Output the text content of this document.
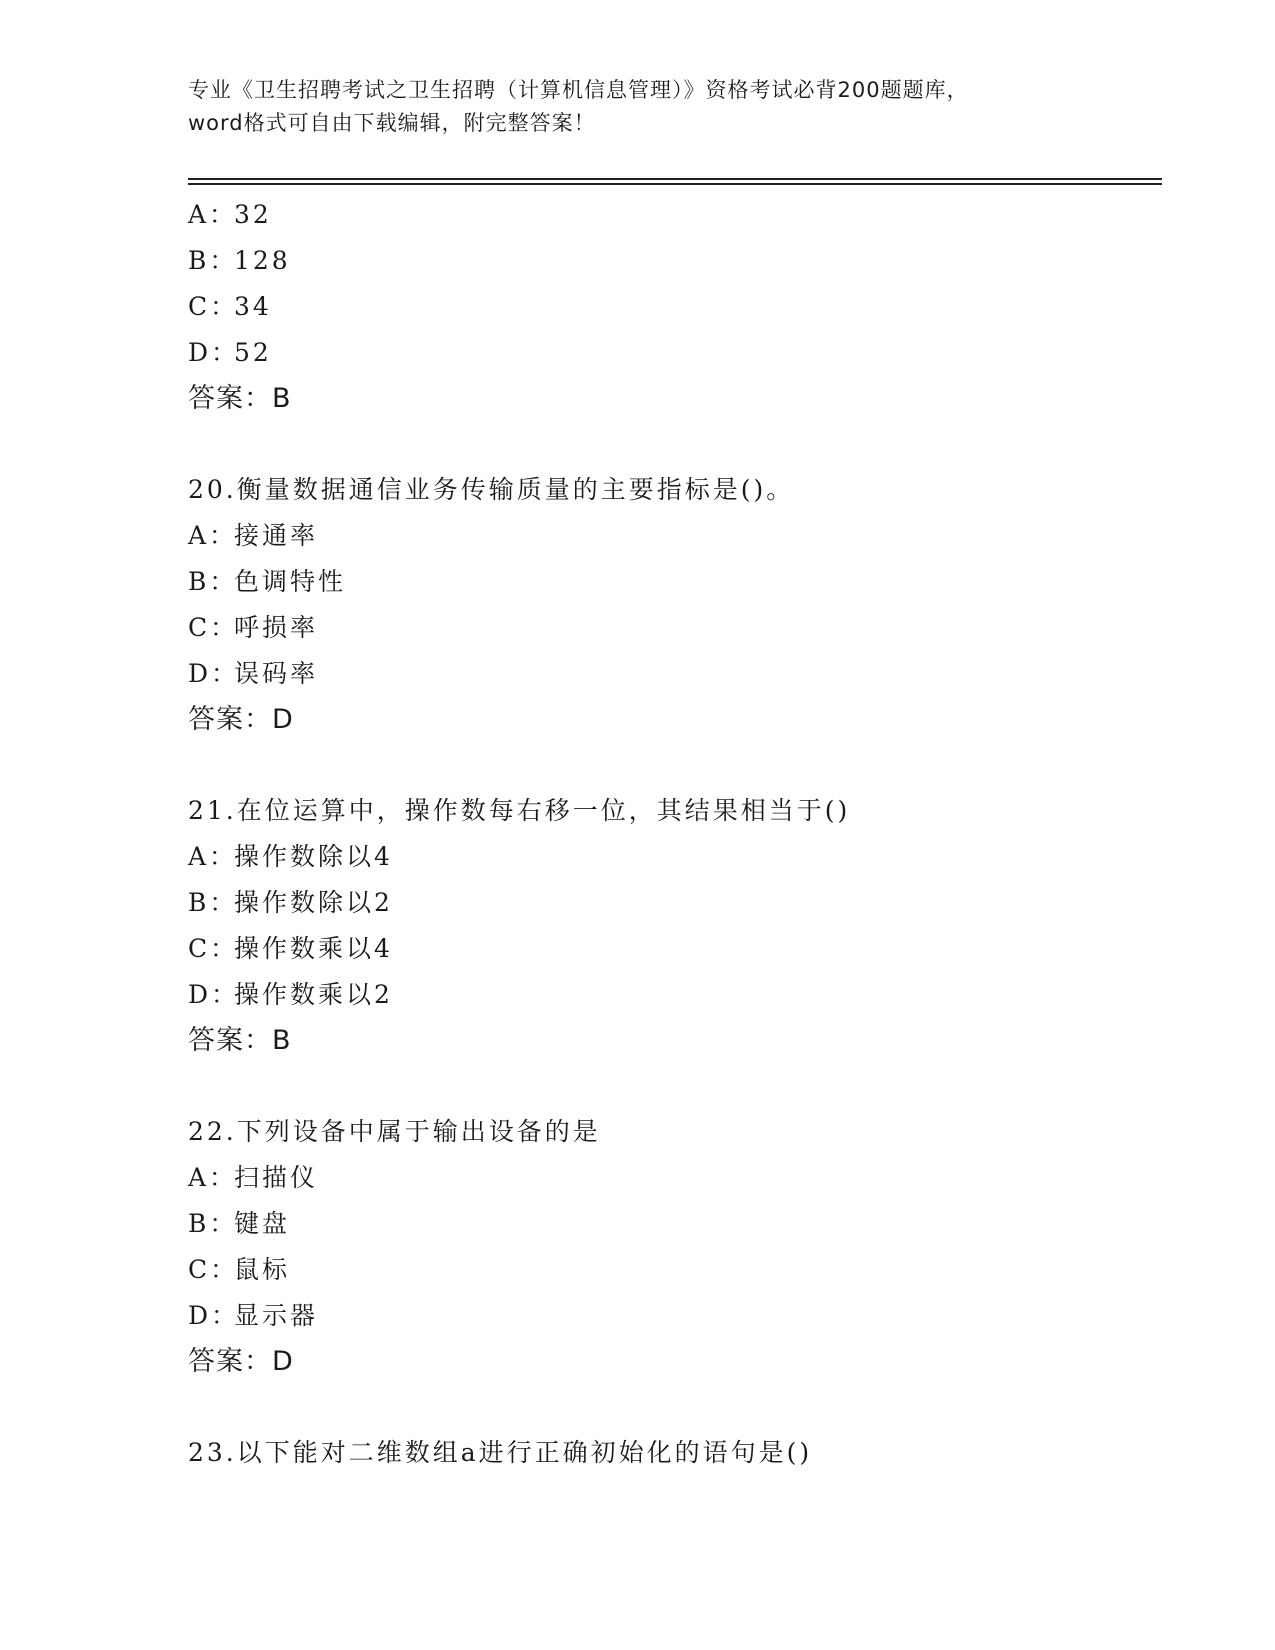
专业《卫生招聘考试之卫生招聘（计算机信息管理）》资格考试必背200题题库，
word格式可自由下载编辑，附完整答案！
A：32
B：128
C：34
D：52
答案：B
20.衡量数据通信业务传输质量的主要指标是()。
A：接通率
B：色调特性
C：呼损率
D：误码率
答案：D
21.在位运算中，操作数每右移一位，其结果相当于()
A：操作数除以4
B：操作数除以2
C：操作数乘以4
D：操作数乘以2
答案：B
22.下列设备中属于输出设备的是
A：扫描仪
B：键盘
C：鼠标
D：显示器
答案：D
23.以下能对二维数组a进行正确初始化的语句是()
